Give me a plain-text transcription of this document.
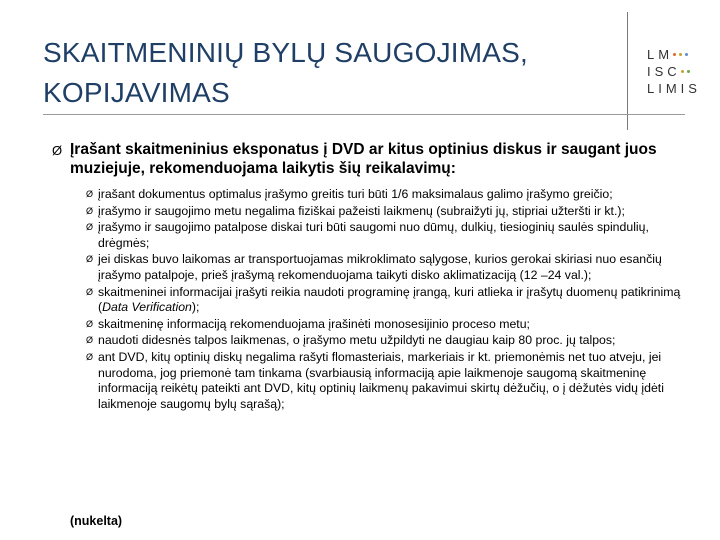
SKAITMENINIŲ BYLŲ SAUGOJIMAS,
KOPIJAVIMAS
LM
ISC
LIMIS
Ø Įrašant skaitmeninius eksponatus į DVD ar kitus optinius diskus ir saugant juos muziejuje, rekomenduojama laikytis šių reikalavimų:
Ø įrašant dokumentus optimalus įrašymo greitis turi būti 1/6 maksimalaus galimo įrašymo greičio;
Ø įrašymo ir saugojimo metu negalima fiziškai pažeisti laikmenų (subraižyti jų, stipriai užteršti ir kt.);
Ø įrašymo ir saugojimo patalpose diskai turi būti saugomi nuo dūmų, dulkių, tiesioginių saulės spindulių, drėgmės;
Ø jei diskas buvo laikomas ar transportuojamas mikroklimato sąlygose, kurios gerokai skiriasi nuo esančių įrašymo patalpoje, prieš įrašymą rekomenduojama taikyti disko aklimatizaciją (12 –24 val.);
Ø skaitmeninei informacijai įrašyti reikia naudoti programinę įrangą, kuri atlieka ir įrašytų duomenų patikrinimą (Data Verification);
Ø skaitmeninę informaciją rekomenduojama įrašinėti monosesijinio proceso metu;
Ø naudoti didesnės talpos laikmenas, o įrašymo metu užpildyti ne daugiau kaip 80 proc. jų talpos;
Ø ant DVD, kitų optinių diskų negalima rašyti flomasteriais, markeriais ir kt. priemonėmis net tuo atveju, jei nurodoma, jog priemonė tam tinkama (svarbiausią informaciją apie laikmenoje saugomą skaitmeninę informaciją reikėtų pateikti ant DVD, kitų optinių laikmenų pakavimui skirtų dėžučių, o į dėžutės vidų įdėti laikmenoje saugomų bylų sąrašą);
(nukelta)
